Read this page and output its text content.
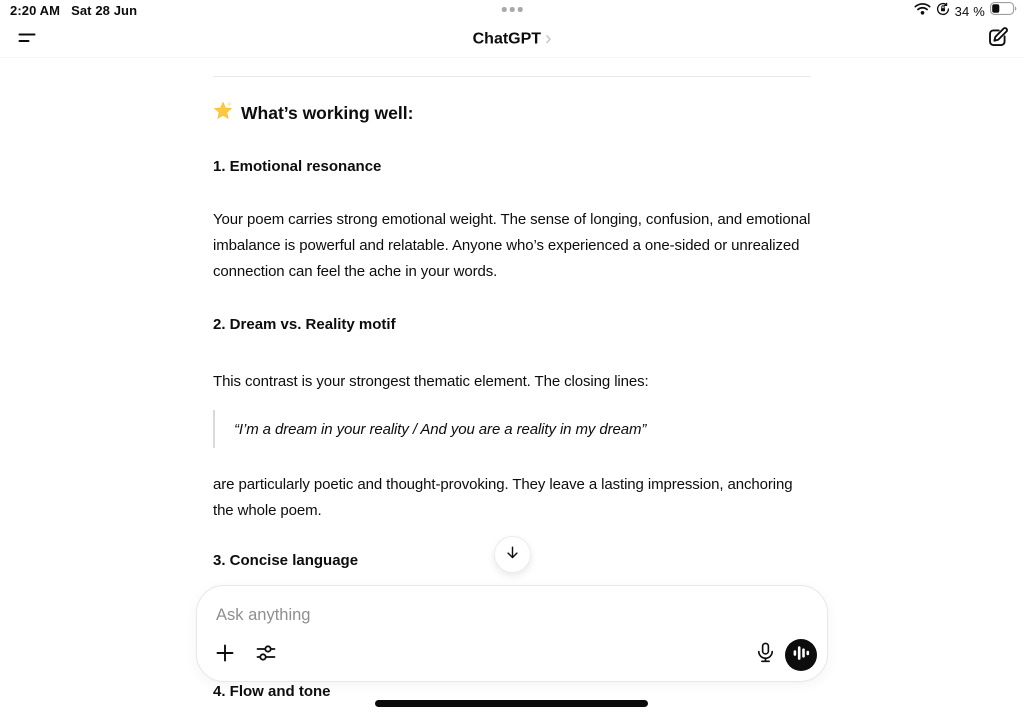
2:20 AM Sat 28 Jun	34 %
ChatGPT ›
What’s working well:
1. Emotional resonance
Your poem carries strong emotional weight. The sense of longing, confusion, and emotional imbalance is powerful and relatable. Anyone who’s experienced a one-sided or unrealized connection can feel the ache in your words.
2. Dream vs. Reality motif
This contrast is your strongest thematic element. The closing lines:
“I’m a dream in your reality / And you are a reality in my dream”
are particularly poetic and thought-provoking. They leave a lasting impression, anchoring the whole poem.
3. Concise language
Ask anything
4. Flow and tone
